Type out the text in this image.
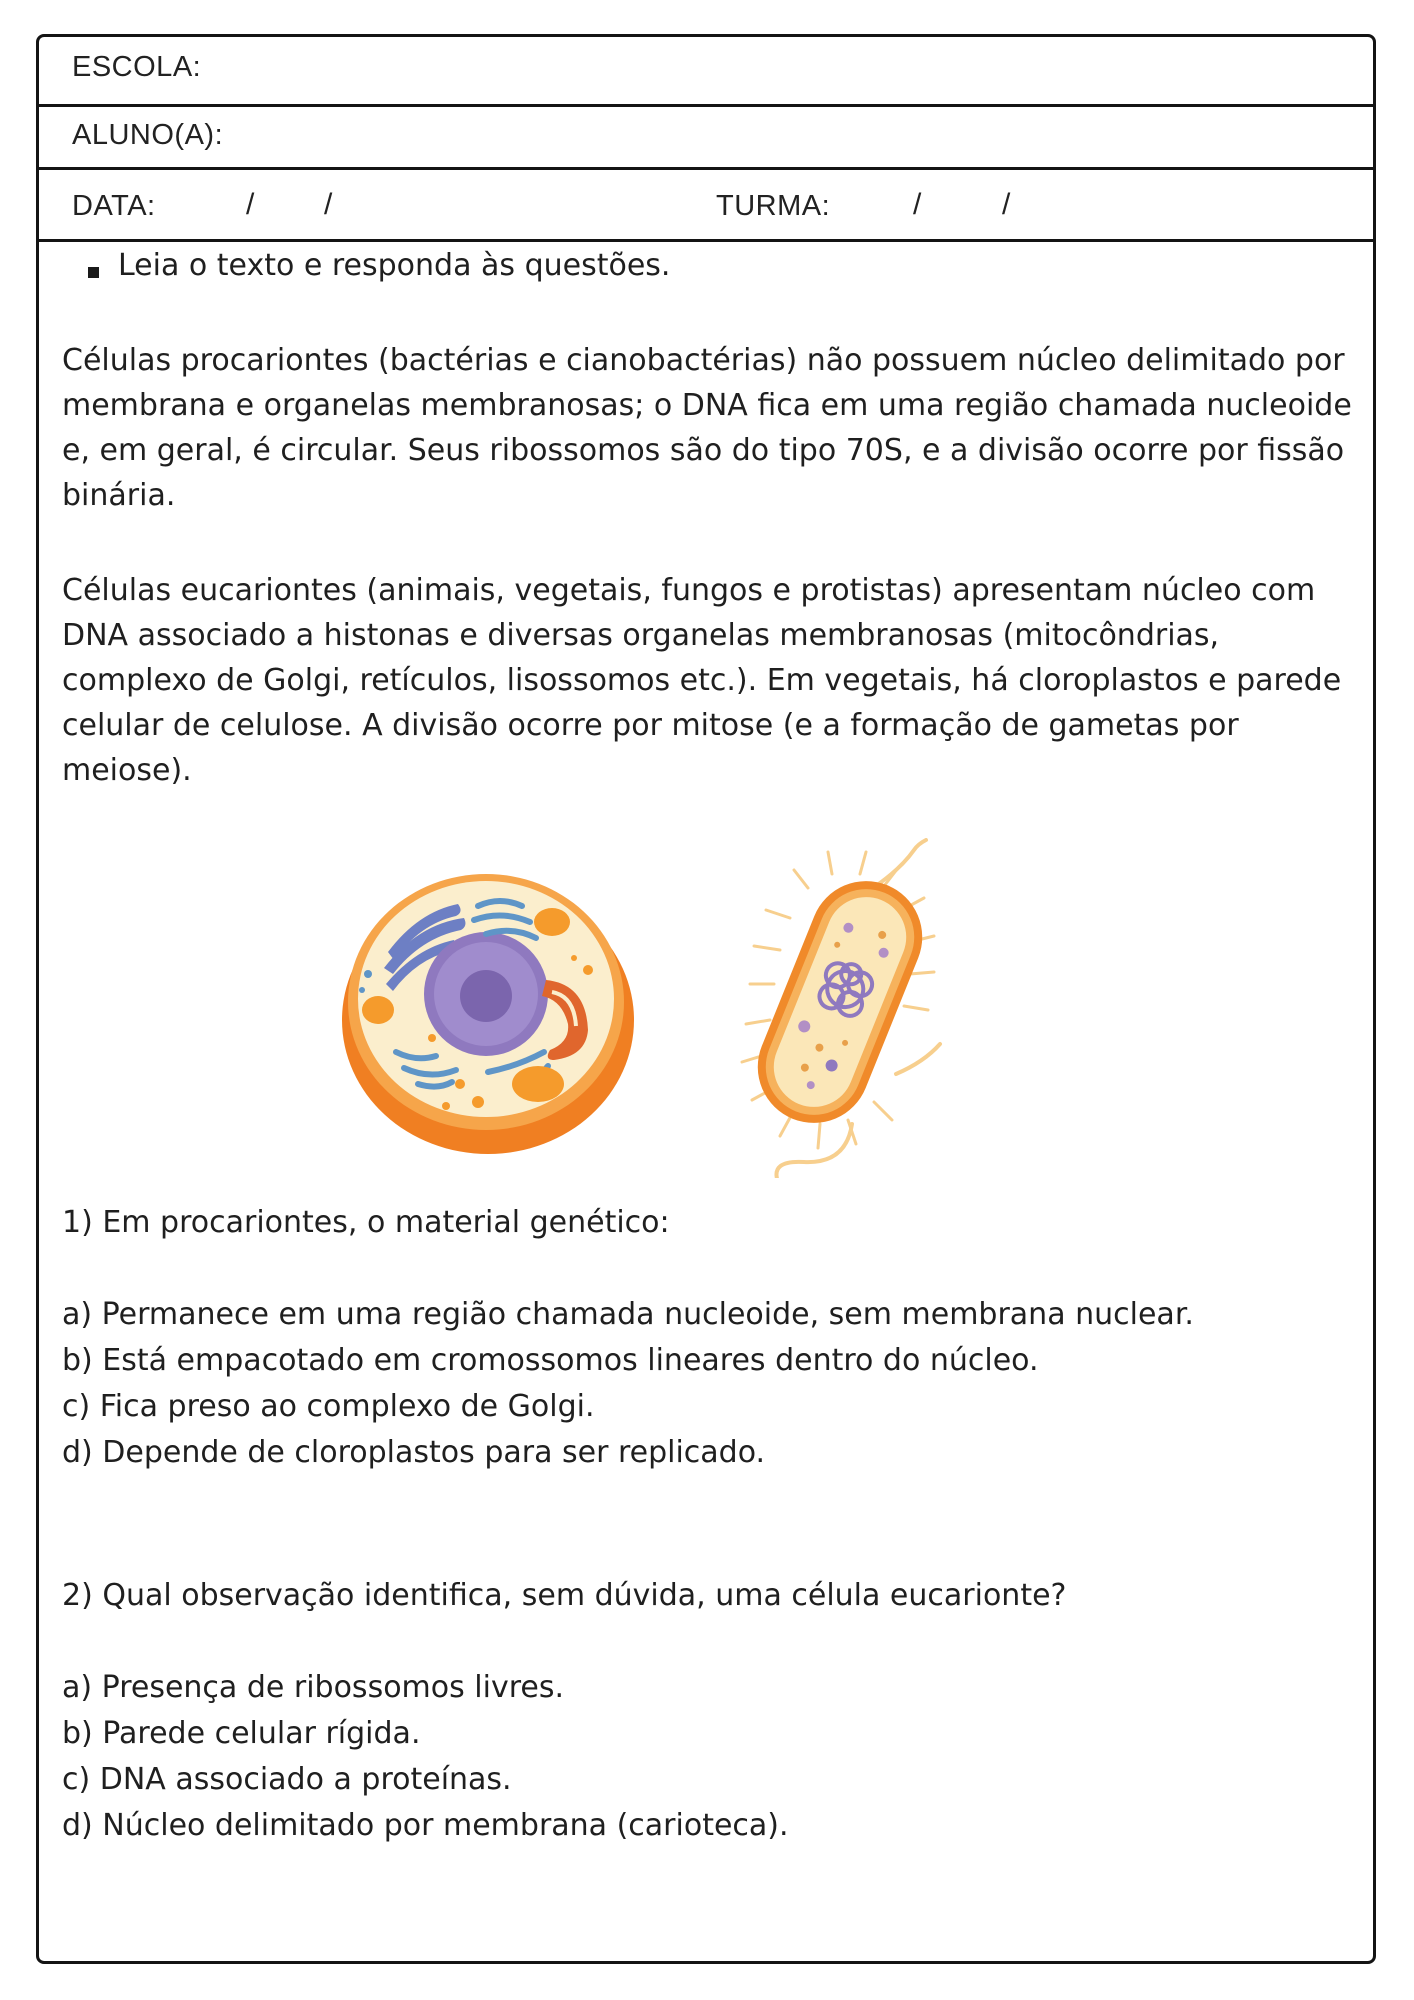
ESCOLA:
ALUNO(A):
DATA:	/ /	TURMA:	/	/
Leia o texto e responda às questões.

Células procariontes (bactérias e cianobactérias) não possuem núcleo delimitado por membrana e organelas membranosas; o DNA fica em uma região chamada nucleoide e, em geral, é circular. Seus ribossomos são do tipo 70S, e a divisão ocorre por fissão binária.

Células eucariontes (animais, vegetais, fungos e protistas) apresentam núcleo com DNA associado a histonas e diversas organelas membranosas (mitocôndrias, complexo de Golgi, retículos, lisossomos etc.). Em vegetais, há cloroplastos e parede celular de celulose. A divisão ocorre por mitose (e a formação de gametas por meiose).

1) Em procariontes, o material genético:
a) Permanece em uma região chamada nucleoide, sem membrana nuclear.
b) Está empacotado em cromossomos lineares dentro do núcleo.
c) Fica preso ao complexo de Golgi.
d) Depende de cloroplastos para ser replicado.
2) Qual observação identifica, sem dúvida, uma célula eucarionte?
a) Presença de ribossomos livres.
b) Parede celular rígida.
c) DNA associado a proteínas.
d) Núcleo delimitado por membrana (carioteca).
